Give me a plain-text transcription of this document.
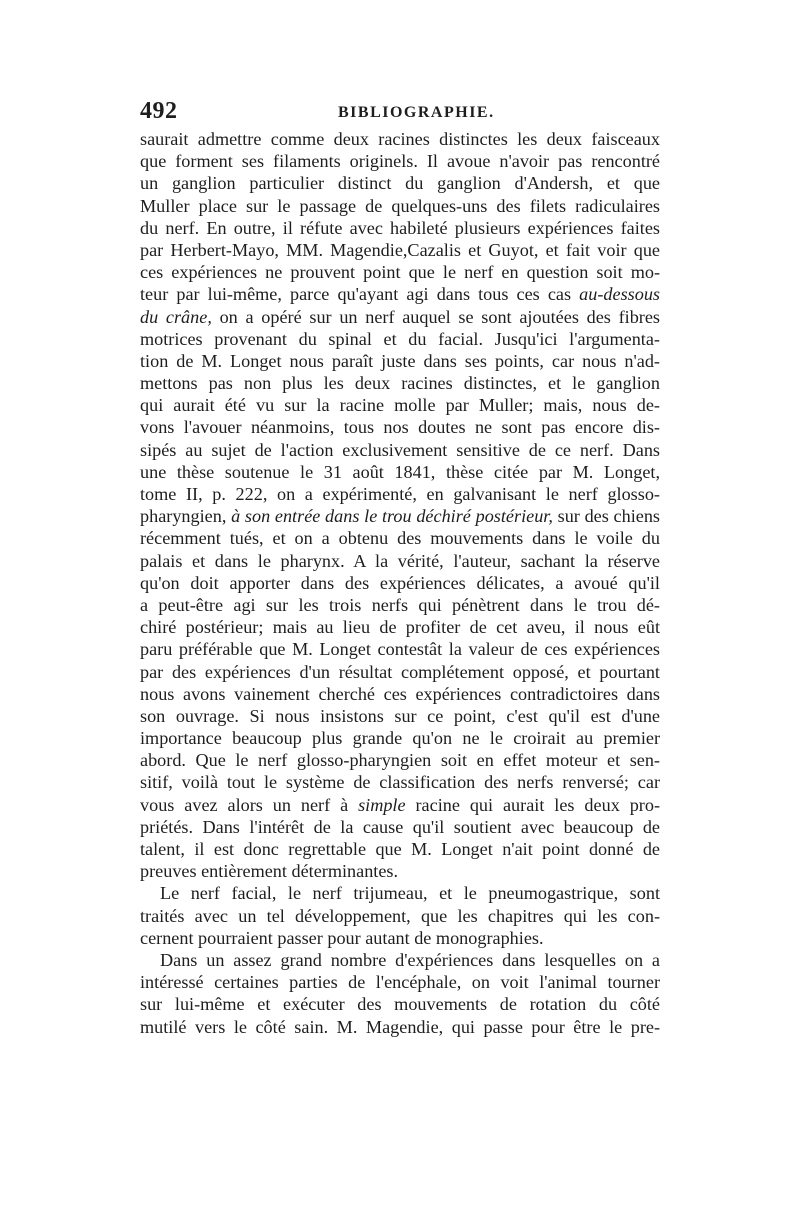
492	BIBLIOGRAPHIE.
saurait admettre comme deux racines distinctes les deux faisceaux
que forment ses filaments originels. Il avoue n'avoir pas rencontré
un ganglion particulier distinct du ganglion d'Andersh, et que
Muller place sur le passage de quelques-uns des filets radiculaires
du nerf. En outre, il réfute avec habileté plusieurs expériences faites
par Herbert-Mayo, MM. Magendie,Cazalis et Guyot, et fait voir que
ces expériences ne prouvent point que le nerf en question soit mo-
teur par lui-même, parce qu'ayant agi dans tous ces cas au-dessous
du crâne, on a opéré sur un nerf auquel se sont ajoutées des fibres
motrices provenant du spinal et du facial. Jusqu'ici l'argumenta-
tion de M. Longet nous paraît juste dans ses points, car nous n'ad-
mettons pas non plus les deux racines distinctes, et le ganglion
qui aurait été vu sur la racine molle par Muller; mais, nous de-
vons l'avouer néanmoins, tous nos doutes ne sont pas encore dis-
sipés au sujet de l'action exclusivement sensitive de ce nerf. Dans
une thèse soutenue le 31 août 1841, thèse citée par M. Longet,
tome II, p. 222, on a expérimenté, en galvanisant le nerf glosso-
pharyngien, à son entrée dans le trou déchiré postérieur, sur des chiens
récemment tués, et on a obtenu des mouvements dans le voile du
palais et dans le pharynx. A la vérité, l'auteur, sachant la réserve
qu'on doit apporter dans des expériences délicates, a avoué qu'il
a peut-être agi sur les trois nerfs qui pénètrent dans le trou dé-
chiré postérieur; mais au lieu de profiter de cet aveu, il nous eût
paru préférable que M. Longet contestât la valeur de ces expériences
par des expériences d'un résultat complétement opposé, et pourtant
nous avons vainement cherché ces expériences contradictoires dans
son ouvrage. Si nous insistons sur ce point, c'est qu'il est d'une
importance beaucoup plus grande qu'on ne le croirait au premier
abord. Que le nerf glosso-pharyngien soit en effet moteur et sen-
sitif, voilà tout le système de classification des nerfs renversé; car
vous avez alors un nerf à simple racine qui aurait les deux pro-
priétés. Dans l'intérêt de la cause qu'il soutient avec beaucoup de
talent, il est donc regrettable que M. Longet n'ait point donné de
preuves entièrement déterminantes.
Le nerf facial, le nerf trijumeau, et le pneumogastrique, sont
traités avec un tel développement, que les chapitres qui les con-
cernent pourraient passer pour autant de monographies.
Dans un assez grand nombre d'expériences dans lesquelles on a
intéressé certaines parties de l'encéphale, on voit l'animal tourner
sur lui-même et exécuter des mouvements de rotation du côté
mutilé vers le côté sain. M. Magendie, qui passe pour être le pre-
